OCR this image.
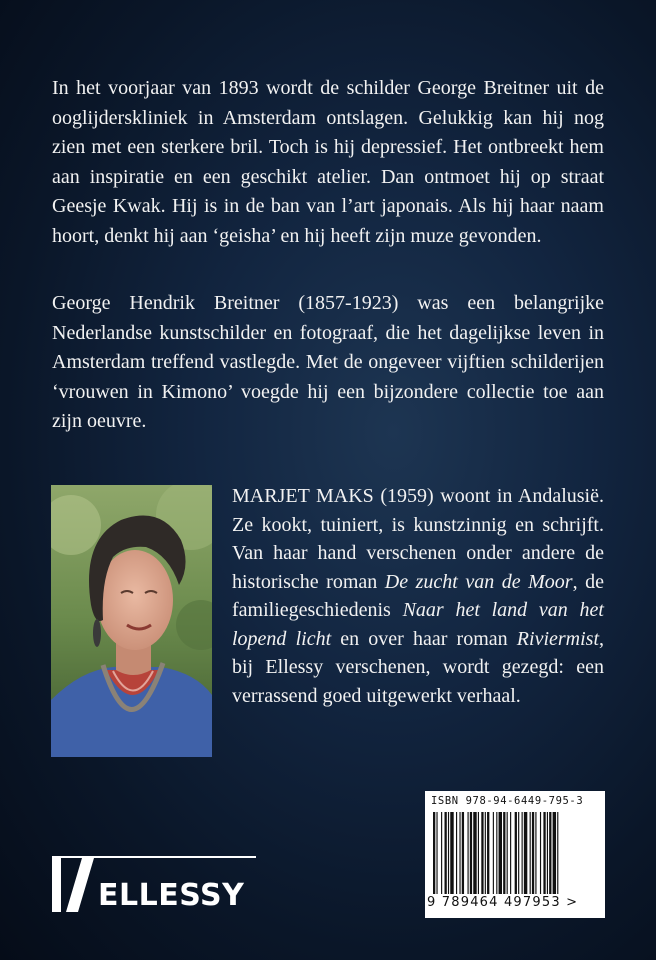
In het voorjaar van 1893 wordt de schilder George Breitner uit de ooglijderskliniek in Amsterdam ontslagen. Gelukkig kan hij nog zien met een sterkere bril. Toch is hij depressief. Het ontbreekt hem aan inspiratie en een geschikt atelier. Dan ontmoet hij op straat Geesje Kwak. Hij is in de ban van l’art japonais. Als hij haar naam hoort, denkt hij aan ‘geisha’ en hij heeft zijn muze gevonden.

George Hendrik Breitner (1857-1923) was een belangrijke Nederlandse kunstschilder en fotograaf, die het dagelijkse leven in Amsterdam treffend vastlegde. Met de ongeveer vijftien schilderijen ‘vrouwen in Kimono’ voegde hij een bijzondere collectie toe aan zijn oeuvre.

MARJET MAKS (1959) woont in Andalusië. Ze kookt, tuiniert, is kunstzinnig en schrijft. Van haar hand verschenen onder andere de historische roman De zucht van de Moor, de familiegeschiedenis Naar het land van het lopend licht en over haar roman Riviermist, bij Ellessy verschenen, wordt gezegd: een verrassend goed uitgewerkt verhaal.

ISBN 978-94-6449-795-3
9 789464 497953 >
ELLESSY
